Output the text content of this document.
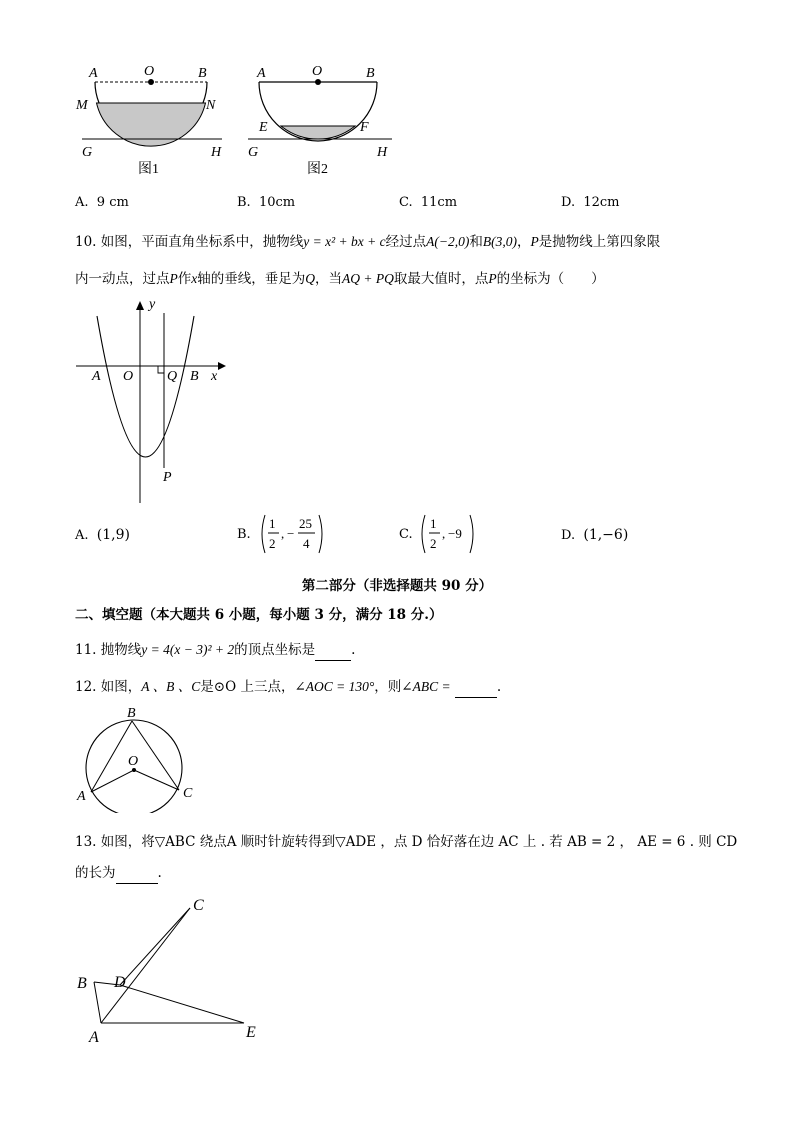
A	O	B
M	N
G	H
图1
A	O	B
E	F
G	H
图2
A. 9 cm	B. 10cm	C. 11cm	D. 12cm
10. 如图，平面直角坐标系中，抛物线y = x² + bx + c经过点A(−2,0)和B(3,0)，P是抛物线上第四象限
内一动点，过点P作x轴的垂线，垂足为Q，当AQ + PQ取最大值时，点P的坐标为（　　）
y
x
A O Q B
P
A. (1,9)	B.
1
2
, −
25
4
C.
1
2
, −9	D. (1,−6)
第二部分（非选择题共 90 分）
二、填空题（本大题共 6 小题，每小题 3 分，满分 18 分.）
11. 抛物线y = 4(x − 3)² + 2的顶点坐标是	.
12. 如图，A 、B 、C是⊙O 上三点，∠AOC = 130°，则∠ABC =	.
B
O
A	C
13. 如图，将▽ABC 绕点A 顺时针旋转得到▽ADE ，点 D 恰好落在边 AC 上 . 若 AB = 2 ， AE = 6 . 则 CD
的长为	.
C
B D
A	E
